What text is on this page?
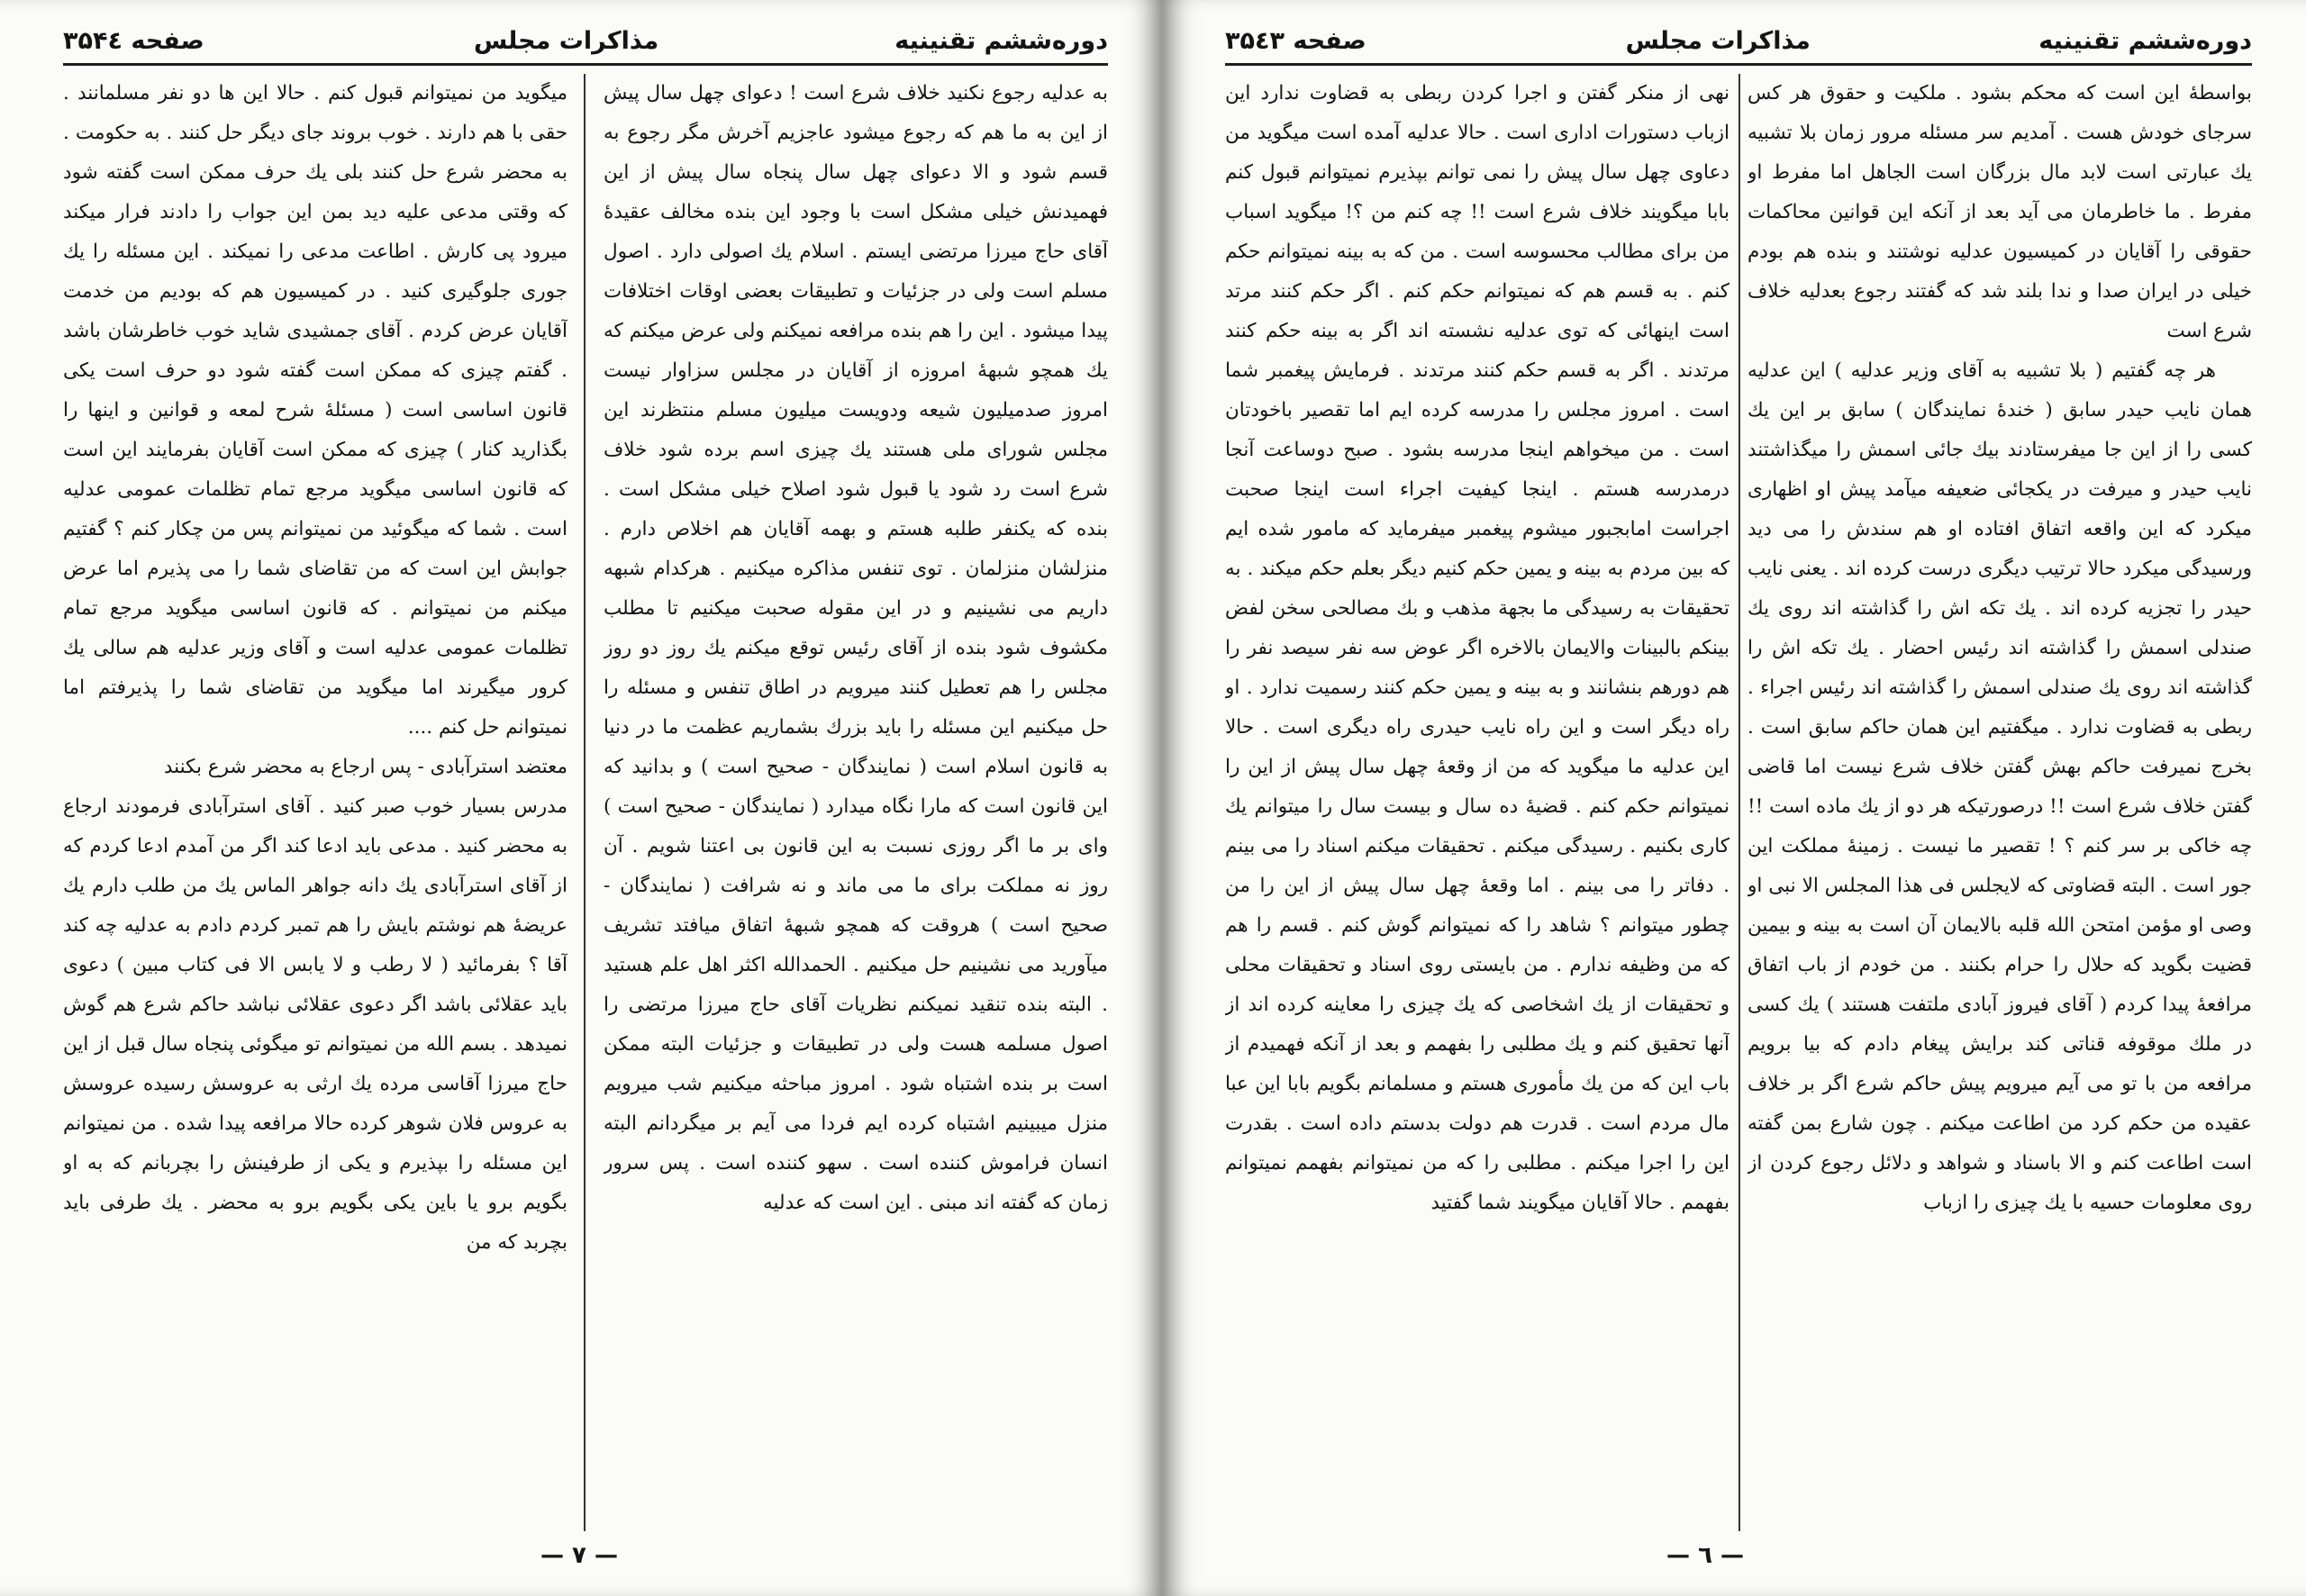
دوره‌ششم تقنینیه
مذاکرات مجلس
صفحه ۳۵۴٤

به عدلیه رجوع نکنید خلاف شرع است ! دعوای چهل سال پیش از این به ما هم که رجوع میشود عاجزیم آخرش مگر رجوع به قسم شود و الا دعوای چهل سال پنجاه سال پیش از این فهمیدنش خیلی مشکل است با وجود این بنده مخالف عقیدهٔ آقای حاج میرزا مرتضی ایستم . اسلام یك اصولی دارد . اصول مسلم است ولی در جزئیات و تطبیقات بعضی اوقات اختلافات پیدا میشود . این را هم بنده مرافعه نمیکنم ولی عرض میکنم که یك همچو شبههٔ امروزه از آقایان در مجلس سزاوار نیست امروز صدمیلیون شیعه ودویست میلیون مسلم منتظرند این مجلس شورای ملی هستند یك چیزی اسم برده شود خلاف شرع است رد شود یا قبول شود اصلاح خیلی مشکل است . بنده که یکنفر طلبه هستم و بهمه آقایان هم اخلاص دارم . منزلشان منزلمان . توی تنفس مذاکره میکنیم . هرکدام شبهه داریم می نشینیم و در این مقوله صحبت میکنیم تا مطلب مکشوف شود بنده از آقای رئیس توقع میکنم یك روز دو روز مجلس را هم تعطیل کنند میرویم در اطاق تنفس و مسئله را حل میکنیم این مسئله را باید بزرك بشماریم عظمت ما در دنیا به قانون اسلام است ( نمایندگان - صحیح است ) و بدانید که این قانون است که مارا نگاه میدارد ( نمایندگان - صحیح است ) وای بر ما اگر روزی نسبت به این قانون بی اعتنا شویم . آن روز نه مملکت برای ما می ماند و نه شرافت ( نمایندگان - صحیح است ) هروقت که همچو شبههٔ اتفاق میافتد تشریف میآورید می نشینیم حل میکنیم . الحمدالله اکثر اهل علم هستید . البته بنده تنقید نمیکنم نظریات آقای حاج میرزا مرتضی را اصول مسلمه هست ولی در تطبیقات و جزئیات البته ممکن است بر بنده اشتباه شود . امروز مباحثه میکنیم شب میرویم منزل میبینیم اشتباه کرده ایم فردا می آیم بر میگردانم البته انسان فراموش کننده است . سهو کننده است . پس سرور زمان که گفته اند مبنی . این است که عدلیه

میگوید من نمیتوانم قبول کنم . حالا این ها دو نفر مسلمانند . حقی با هم دارند . خوب بروند جای دیگر حل کنند . به حکومت . به محضر شرع حل کنند بلی یك حرف ممکن است گفته شود که وقتی مدعی علیه دید بمن این جواب را دادند فرار میکند میرود پی کارش . اطاعت مدعی را نمیکند . این مسئله را یك جوری جلوگیری کنید . در کمیسیون هم که بودیم من خدمت آقایان عرض کردم . آقای جمشیدی شاید خوب خاطرشان باشد . گفتم چیزی که ممکن است گفته شود دو حرف است یکی قانون اساسی است ( مسئلهٔ شرح لمعه و قوانین و اینها را بگذارید کنار ) چیزی که ممکن است آقایان بفرمایند این است که قانون اساسی میگوید مرجع تمام تظلمات عمومی عدلیه است . شما که میگوئید من نمیتوانم پس من چکار کنم ؟ گفتیم جوابش این است که من تقاضای شما را می پذیرم اما عرض میکنم من نمیتوانم . که قانون اساسی میگوید مرجع تمام تظلمات عمومی عدلیه است و آقای وزیر عدلیه هم سالی یك کرور میگیرند اما میگوید من تقاضای شما را پذیرفتم اما نمیتوانم حل کنم ....

معتضد استرآبادی - پس ارجاع به محضر شرع بکنند

مدرس بسیار خوب صبر کنید . آقای استرآبادی فرمودند ارجاع به محضر کنید . مدعی باید ادعا کند اگر من آمدم ادعا کردم که از آقای استرآبادی یك دانه جواهر الماس یك من طلب دارم یك عریضهٔ هم نوشتم بایش را هم تمبر کردم دادم به عدلیه چه کند آقا ؟ بفرمائید ( لا رطب و لا یابس الا فی کتاب مبین ) دعوی باید عقلائی باشد اگر دعوی عقلائی نباشد حاکم شرع هم گوش نمیدهد . بسم الله من نمیتوانم تو میگوئی پنجاه سال قبل از این حاج میرزا آقاسی مرده یك ارثی به عروسش رسیده عروسش به عروس فلان شوهر کرده حالا مرافعه پیدا شده . من نمیتوانم این مسئله را بپذیرم و یکی از طرفینش را بچربانم که به او بگویم برو یا باین یکی بگویم برو به محضر . یك طرفی باید بچربد که من

— ۷ —
دوره‌ششم تقنینیه
مذاکرات مجلس
صفحه ۳۵٤۳

بواسطهٔ این است که محکم بشود . ملکیت و حقوق هر کس سرجای خودش هست . آمدیم سر مسئله مرور زمان بلا تشبیه یك عبارتی است لابد مال بزرگان است الجاهل اما مفرط او مفرط . ما خاطرمان می آید بعد از آنکه این قوانین محاکمات حقوقی را آقایان در کمیسیون عدلیه نوشتند و بنده هم بودم خیلی در ایران صدا و ندا بلند شد که گفتند رجوع بعدلیه خلاف شرع است

هر چه گفتیم ( بلا تشبیه به آقای وزیر عدلیه ) این عدلیه همان نایب حیدر سابق ( خندهٔ نمایندگان ) سابق بر این یك کسی را از این جا میفرستادند بیك جائی اسمش را میگذاشتند نایب حیدر و میرفت در یکجائی ضعیفه میآمد پیش او اظهاری میکرد که این واقعه اتفاق افتاده او هم سندش را می دید ورسیدگی میکرد حالا ترتیب دیگری درست کرده اند . یعنی نایب حیدر را تجزیه کرده اند . یك تکه اش را گذاشته اند روی یك صندلی اسمش را گذاشته اند رئیس احضار . یك تکه اش را گذاشته اند روی یك صندلی اسمش را گذاشته اند رئیس اجراء . ربطی به قضاوت ندارد . میگفتیم این همان حاکم سابق است . بخرج نمیرفت حاکم بهش گفتن خلاف شرع نیست اما قاضی گفتن خلاف شرع است !! درصورتیکه هر دو از یك ماده است !! چه خاکی بر سر کنم ؟ ! تقصیر ما نیست . زمینهٔ مملکت این جور است . البته قضاوتی که لایجلس فی هذا المجلس الا نبی او وصی او مؤمن امتحن الله قلبه بالایمان آن است به بینه و بیمین قضیت بگوید که حلال را حرام بکنند . من خودم از باب اتفاق مرافعهٔ پیدا کردم ( آقای فیروز آبادی ملتفت هستند ) یك کسی در ملك موقوفه قناتی کند برایش پیغام دادم که بیا برویم مرافعه من با تو می آیم میرویم پیش حاکم شرع اگر بر خلاف عقیده من حکم کرد من اطاعت میکنم . چون شارع بمن گفته است اطاعت کنم و الا باسناد و شواهد و دلائل رجوع کردن از روی معلومات حسیه با یك چیزی را ازباب

نهی از منکر گفتن و اجرا کردن ربطی به قضاوت ندارد این ازباب دستورات اداری است . حالا عدلیه آمده است میگوید من دعاوی چهل سال پیش را نمی توانم بپذیرم نمیتوانم قبول کنم بابا میگویند خلاف شرع است !! چه کنم من ؟! میگوید اسباب من برای مطالب محسوسه است . من که به بینه نمیتوانم حکم کنم . به قسم هم که نمیتوانم حکم کنم . اگر حکم کنند مرتد است اینهائی که توی عدلیه نشسته اند اگر به بینه حکم کنند مرتدند . اگر به قسم حکم کنند مرتدند . فرمایش پیغمبر شما است . امروز مجلس را مدرسه کرده ایم اما تقصیر باخودتان است . من میخواهم اینجا مدرسه بشود . صبح دوساعت آنجا درمدرسه هستم . اینجا کیفیت اجراء است اینجا صحبت اجراست امابجبور میشوم پیغمبر میفرماید که مامور شده ایم که بین مردم به بینه و یمین حکم کنیم دیگر بعلم حکم میکند . به تحقیقات به رسیدگی ما بجهة مذهب و بك مصالحی سخن لفض بینکم بالبینات والایمان بالاخره اگر عوض سه نفر سیصد نفر را هم دورهم بنشانند و به بینه و یمین حکم کنند رسمیت ندارد . او راه دیگر است و این راه نایب حیدری راه دیگری است . حالا این عدلیه ما میگوید که من از وقعهٔ چهل سال پیش از این را نمیتوانم حکم کنم . قضیهٔ ده سال و بیست سال را میتوانم یك کاری بکنیم . رسیدگی میکنم . تحقیقات میکنم اسناد را می بینم . دفاتر را می بینم . اما وقعهٔ چهل سال پیش از این را من چطور میتوانم ؟ شاهد را که نمیتوانم گوش کنم . قسم را هم که من وظیفه ندارم . من بایستی روی اسناد و تحقیقات محلی و تحقیقات از یك اشخاصی که یك چیزی را معاینه کرده اند از آنها تحقیق کنم و یك مطلبی را بفهمم و بعد از آنکه فهمیدم از باب این که من یك مأموری هستم و مسلمانم بگویم بابا این عبا مال مردم است . قدرت هم دولت بدستم داده است . بقدرت این را اجرا میکنم . مطلبی را که من نمیتوانم بفهمم نمیتوانم بفهمم . حالا آقایان میگویند شما گفتید

— ٦ —
